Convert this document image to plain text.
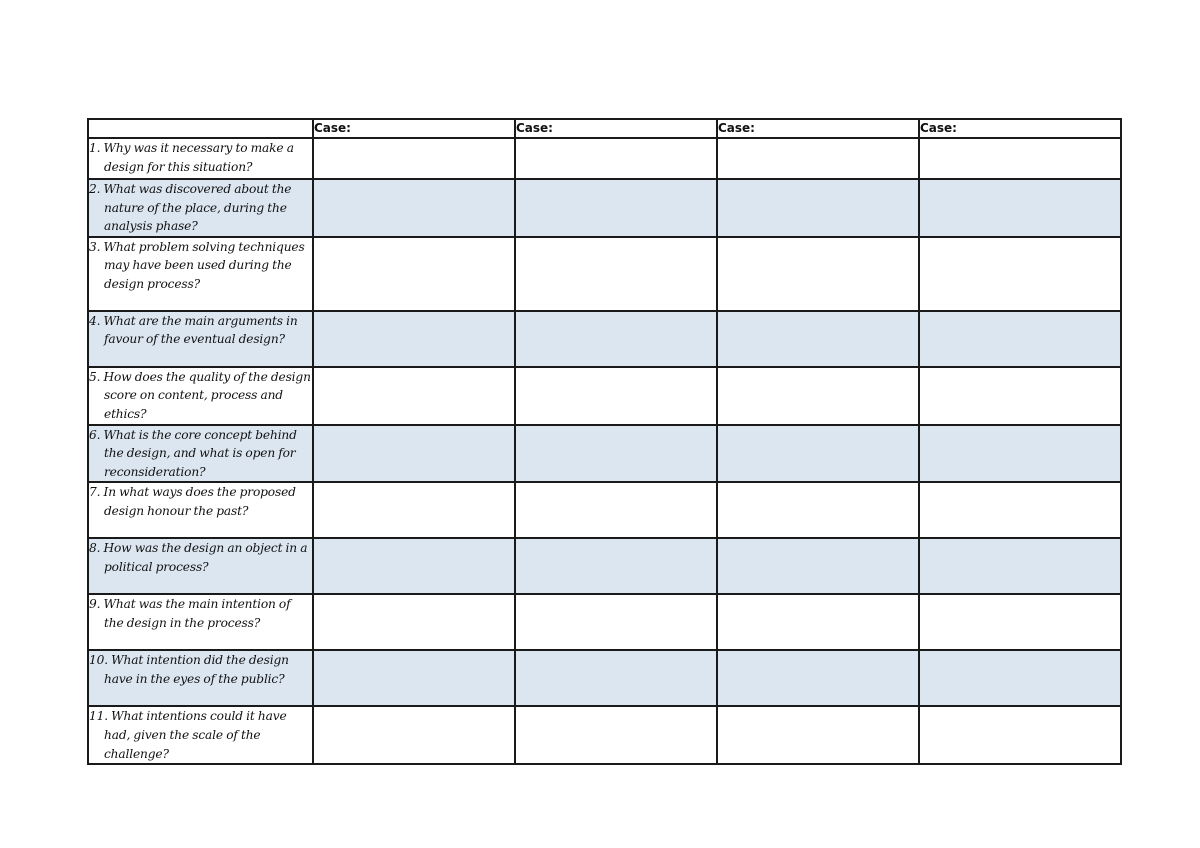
	Case:	Case:	Case:	Case:

1. Why was it necessary to make a design for this situation?				

2. What was discovered about the nature of the place, during the analysis phase?				

3. What problem solving techniques may have been used during the design process?				

4. What are the main arguments in favour of the eventual design?				

5. How does the quality of the design score on content, process and ethics?				

6. What is the core concept behind the design, and what is open for reconsideration?				

7. In what ways does the proposed design honour the past?				

8. How was the design an object in a political process?				

9. What was the main intention of the design in the process?				

10. What intention did the design have in the eyes of the public?				

11. What intentions could it have had, given the scale of the challenge?				
